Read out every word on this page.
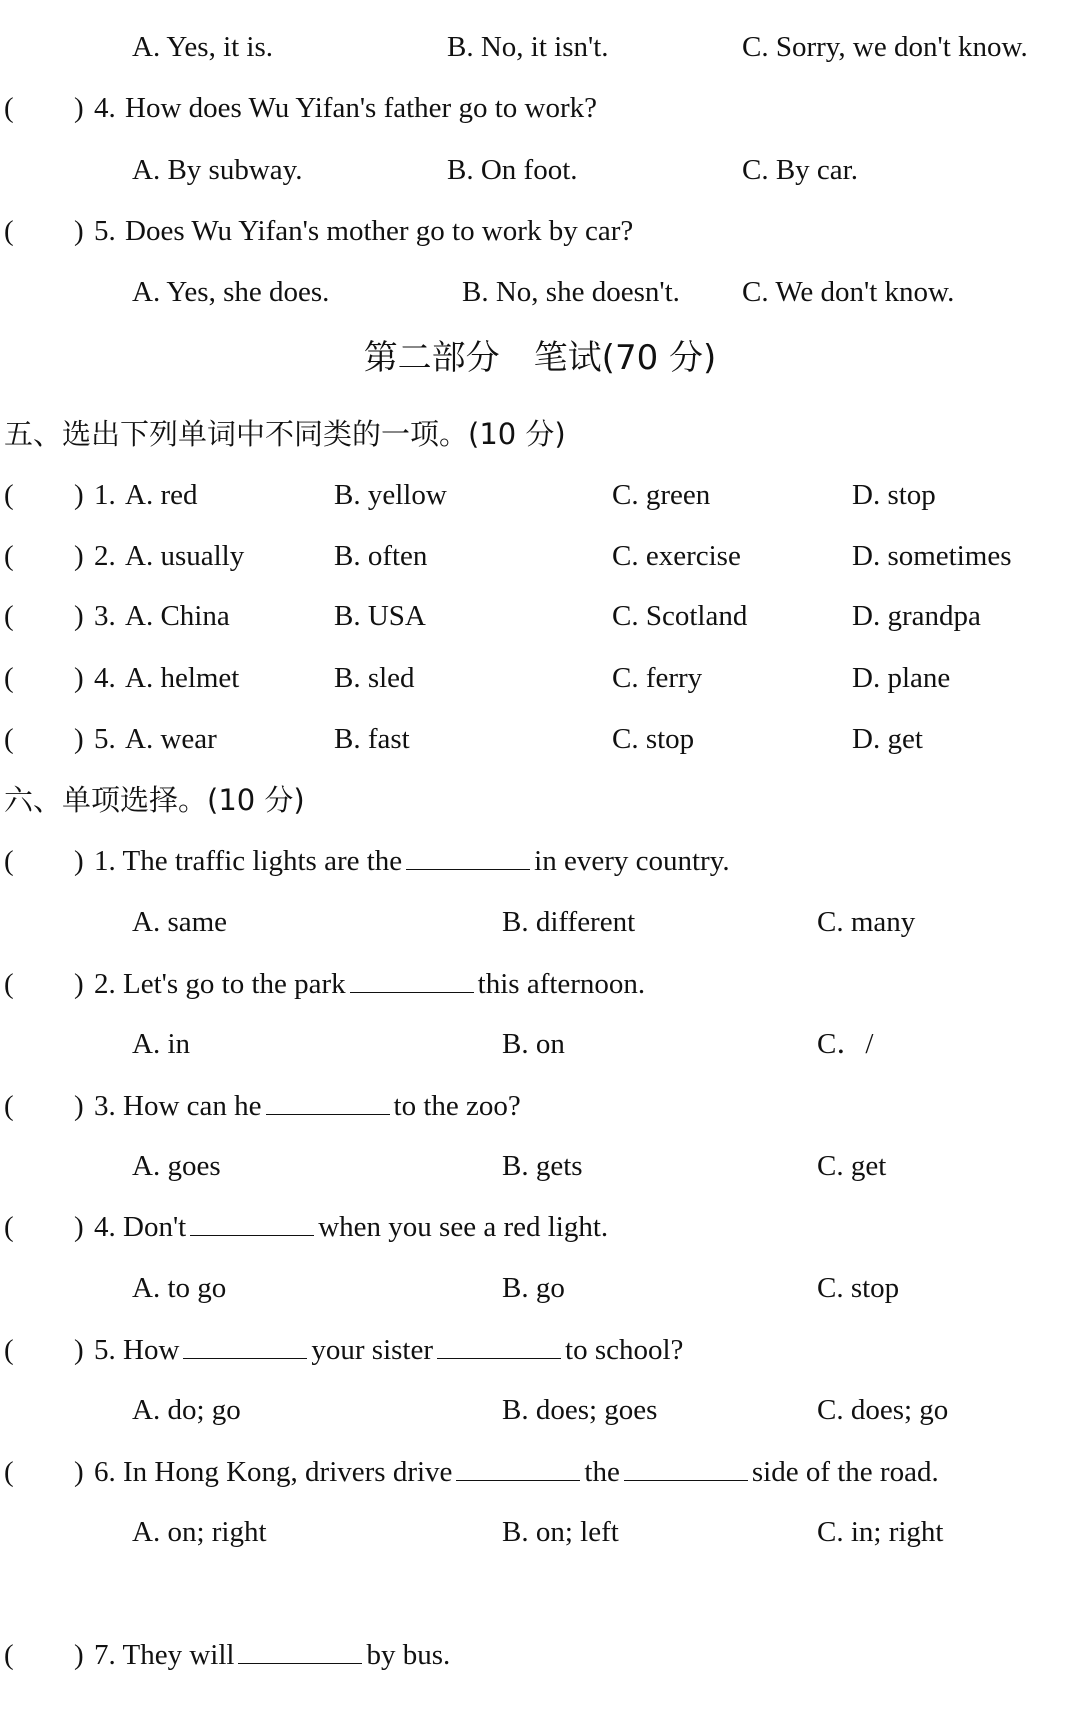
A. Yes, it is.	B. No, it isn't.	C. Sorry, we don't know.
( ) 4. How does Wu Yifan's father go to work?
A. By subway.	B. On foot.	C. By car.
( ) 5. Does Wu Yifan's mother go to work by car?
A. Yes, she does.	B. No, she doesn't. C. We don't know.
第二部分　笔试(70 分)
五、选出下列单词中不同类的一项。(10 分)
( ) 1. A. red	B. yellow	C. green	D. stop
( ) 2. A. usually	B. often	C. exercise	D. sometimes
( ) 3. A. China	B. USA	C. Scotland	D. grandpa
( ) 4. A. helmet	B. sled	C. ferry	D. plane
( ) 5. A. wear	B. fast	C. stop	D. get
六、单项选择。(10 分)
( ) 1. The traffic lights are the	in every country.
A. same	B. different	C. many
( ) 2. Let's go to the park	this afternoon.
A. in	B. on	C．/
( ) 3. How can he	to the zoo?
A. goes	B. gets	C. get
( ) 4. Don't	when you see a red light.
A. to go	B. go	C. stop
( ) 5. How	your sister	to school?
A. do; go	B. does; goes	C. does; go
( ) 6. In Hong Kong, drivers drive	the	side of the road.
A. on; right	B. on; left	C. in; right
( ) 7. They will	by bus.
